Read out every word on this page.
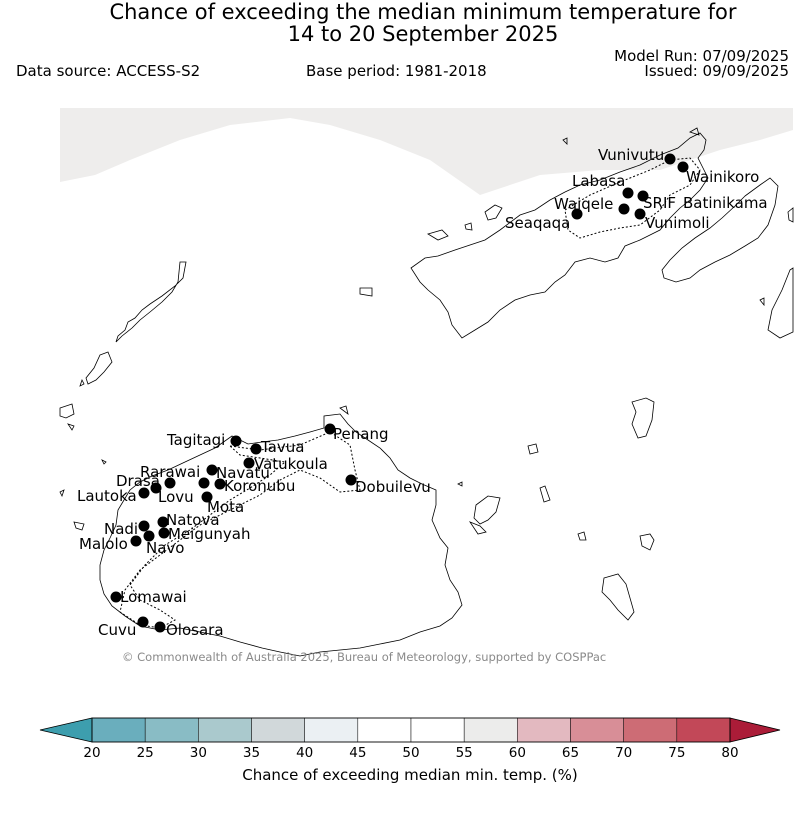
Chance of exceeding the median minimum temperature for
14 to 20 September 2025
Data source: ACCESS-S2	Base period: 1981-2018
Model Run: 07/09/2025
Issued: 09/09/2025
Vunivutu
Wainikoro
Labasa
Waiqele SRIF Batinikama
Seaqaqa	Vunimoli
Tagitagi	Penang
Tavua
Vatukoula
Rarawai Navatu
Drasa	Koronubu	Dobuilevu
Lautoka Lovu
Mota
Natova
Nadi Meigunyah
Malolo Navo
Lomawai
Cuvu Olosara
© Commonwealth of Australia 2025, Bureau of Meteorology, supported by COSPPac
20	25	30	35	40	45	50	55	60	65	70	75	80
Chance of exceeding median min. temp. (%)
